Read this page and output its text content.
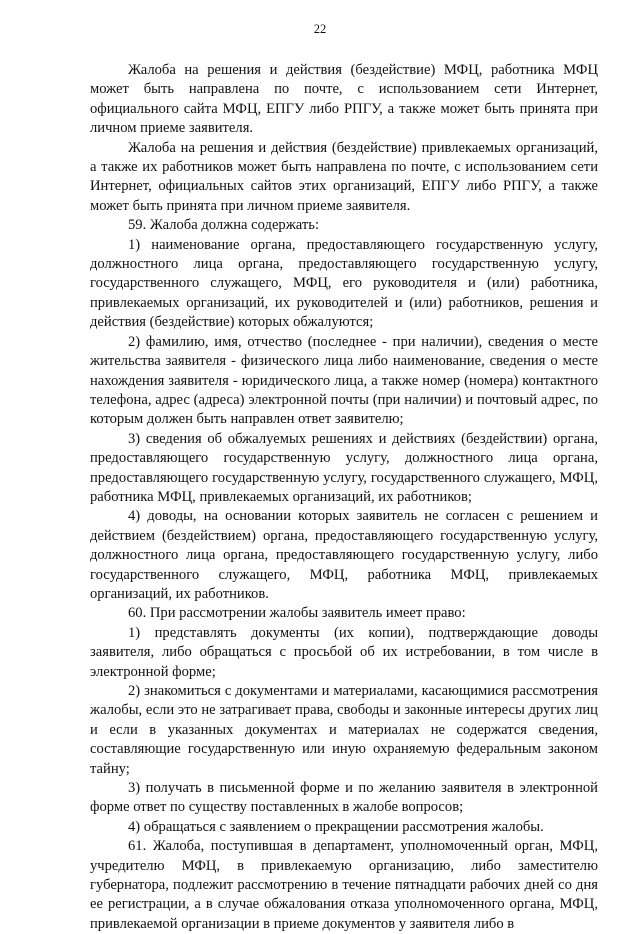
22

Жалоба на решения и действия (бездействие) МФЦ, работника МФЦ может быть направлена по почте, с использованием сети Интернет, официального сайта МФЦ, ЕПГУ либо РПГУ, а также может быть принята при личном приеме заявителя.

Жалоба на решения и действия (бездействие) привлекаемых организаций, а также их работников может быть направлена по почте, с использованием сети Интернет, официальных сайтов этих организаций, ЕПГУ либо РПГУ, а также может быть принята при личном приеме заявителя.

59. Жалоба должна содержать:

1) наименование органа, предоставляющего государственную услугу, должностного лица органа, предоставляющего государственную услугу, государственного служащего, МФЦ, его руководителя и (или) работника, привлекаемых организаций, их руководителей и (или) работников, решения и действия (бездействие) которых обжалуются;

2) фамилию, имя, отчество (последнее - при наличии), сведения о месте жительства заявителя - физического лица либо наименование, сведения о месте нахождения заявителя - юридического лица, а также номер (номера) контактного телефона, адрес (адреса) электронной почты (при наличии) и почтовый адрес, по которым должен быть направлен ответ заявителю;

3) сведения об обжалуемых решениях и действиях (бездействии) органа, предоставляющего государственную услугу, должностного лица органа, предоставляющего государственную услугу, государственного служащего, МФЦ, работника МФЦ, привлекаемых организаций, их работников;

4) доводы, на основании которых заявитель не согласен с решением и действием (бездействием) органа, предоставляющего государственную услугу, должностного лица органа, предоставляющего государственную услугу, либо государственного служащего, МФЦ, работника МФЦ, привлекаемых организаций, их работников.

60. При рассмотрении жалобы заявитель имеет право:

1) представлять документы (их копии), подтверждающие доводы заявителя, либо обращаться с просьбой об их истребовании, в том числе в электронной форме;

2) знакомиться с документами и материалами, касающимися рассмотрения жалобы, если это не затрагивает права, свободы и законные интересы других лиц и если в указанных документах и материалах не содержатся сведения, составляющие государственную или иную охраняемую федеральным законом тайну;

3) получать в письменной форме и по желанию заявителя в электронной форме ответ по существу поставленных в жалобе вопросов;

4) обращаться с заявлением о прекращении рассмотрения жалобы.

61. Жалоба, поступившая в департамент, уполномоченный орган, МФЦ, учредителю МФЦ, в привлекаемую организацию, либо заместителю губернатора, подлежит рассмотрению в течение пятнадцати рабочих дней со дня ее регистрации, а в случае обжалования отказа уполномоченного органа, МФЦ, привлекаемой организации в приеме документов у заявителя либо в
